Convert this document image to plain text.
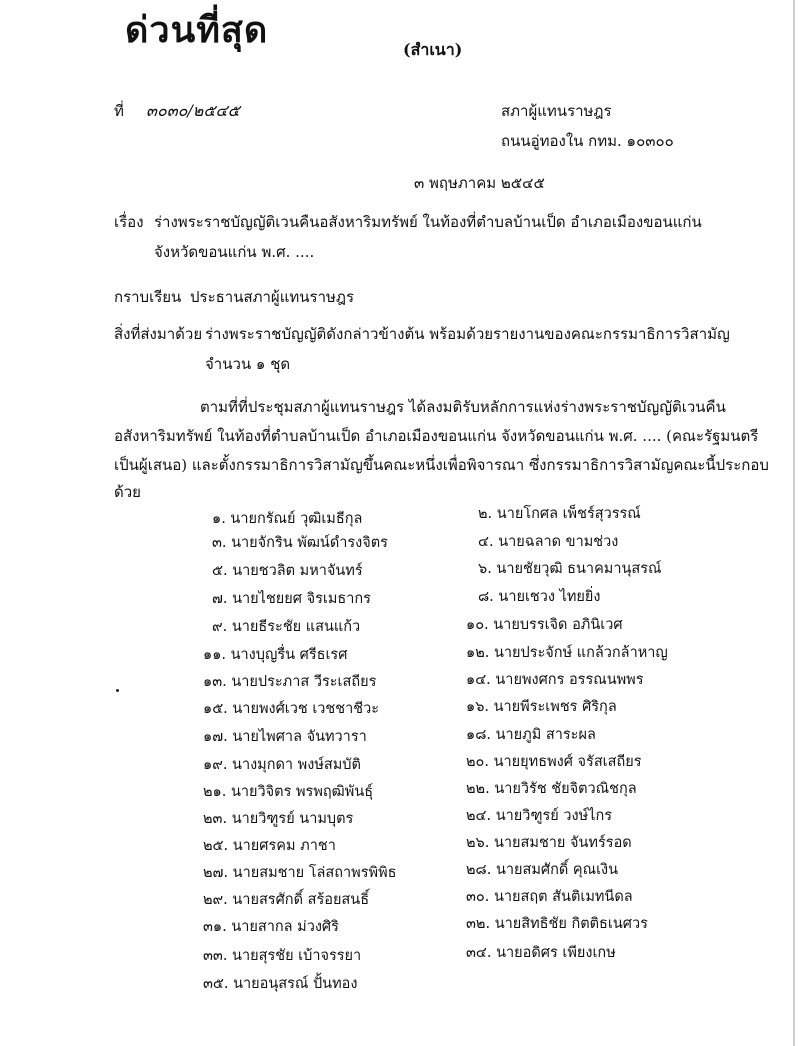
ด่วนที่สุด	(สำเนา)
ที่ ๓๐๓๐/๒๕๔๕	สภาผู้แทนราษฎร
ถนนอู่ทองใน กทม. ๑๐๓๐๐
๓ พฤษภาคม ๒๕๔๕
เรื่อง ร่างพระราชบัญญัติเวนคืนอสังหาริมทรัพย์ ในท้องที่ตำบลบ้านเป็ด อำเภอเมืองขอนแก่น
จังหวัดขอนแก่น พ.ศ. ....
กราบเรียน ประธานสภาผู้แทนราษฎร
สิ่งที่ส่งมาด้วย ร่างพระราชบัญญัติดังกล่าวข้างต้น พร้อมด้วยรายงานของคณะกรรมาธิการวิสามัญ
จำนวน ๑ ชุด
ตามที่ที่ประชุมสภาผู้แทนราษฎร ได้ลงมติรับหลักการแห่งร่างพระราชบัญญัติเวนคืน
อสังหาริมทรัพย์ ในท้องที่ตำบลบ้านเป็ด อำเภอเมืองขอนแก่น จังหวัดขอนแก่น พ.ศ. .... (คณะรัฐมนตรี
เป็นผู้เสนอ) และตั้งกรรมาธิการวิสามัญขึ้นคณะหนึ่งเพื่อพิจารณา ซึ่งกรรมาธิการวิสามัญคณะนี้ประกอบ
ด้วย
๑. นายกรัณย์ วุฒิเมธีกุล	๒. นายโกศล เพ็ชร์สุวรรณ์
๓. นายจักริน พัฒน์ดำรงจิตร	๔. นายฉลาด ขามช่วง
๕. นายชวลิต มหาจันทร์	๖. นายชัยวุฒิ ธนาคมานุสรณ์
๗. นายไชยยศ จิรเมธากร	๘. นายเชวง ไทยยิ่ง
๙. นายธีระชัย แสนแก้ว	๑๐. นายบรรเจิด อภินิเวศ
๑๑. นางบุญรื่น ศรีธเรศ	๑๒. นายประจักษ์ แกล้วกล้าหาญ
๑๓. นายประภาส วีระเสถียร	๑๔. นายพงศกร อรรณนพพร
๑๕. นายพงศ์เวช เวชชาชีวะ	๑๖. นายพีระเพชร ศิริกุล
๑๗. นายไพศาล จันทวารา	๑๘. นายภูมิ สาระผล
๑๙. นางมุกดา พงษ์สมบัติ	๒๐. นายยุทธพงศ์ จรัสเสถียร
๒๑. นายวิจิตร พรพฤฒิพันธุ์	๒๒. นายวิรัช ชัยจิตวณิชกุล
๒๓. นายวิฑูรย์ นามบุตร	๒๔. นายวิฑูรย์ วงษ์ไกร
๒๕. นายศรคม ภาชา	๒๖. นายสมชาย จันทร์รอด
๒๗. นายสมชาย โล่สถาพรพิพิธ	๒๘. นายสมศักดิ์ คุณเงิน
๒๙. นายสรศักดิ์ สร้อยสนธิ์	๓๐. นายสฤต สันติเมทนีดล
๓๑. นายสากล ม่วงศิริ	๓๒. นายสิทธิชัย กิตติธเนศวร
๓๓. นายสุรชัย เบ้าจรรยา	๓๔. นายอดิศร เพียงเกษ
๓๕. นายอนุสรณ์ ปั้นทอง
